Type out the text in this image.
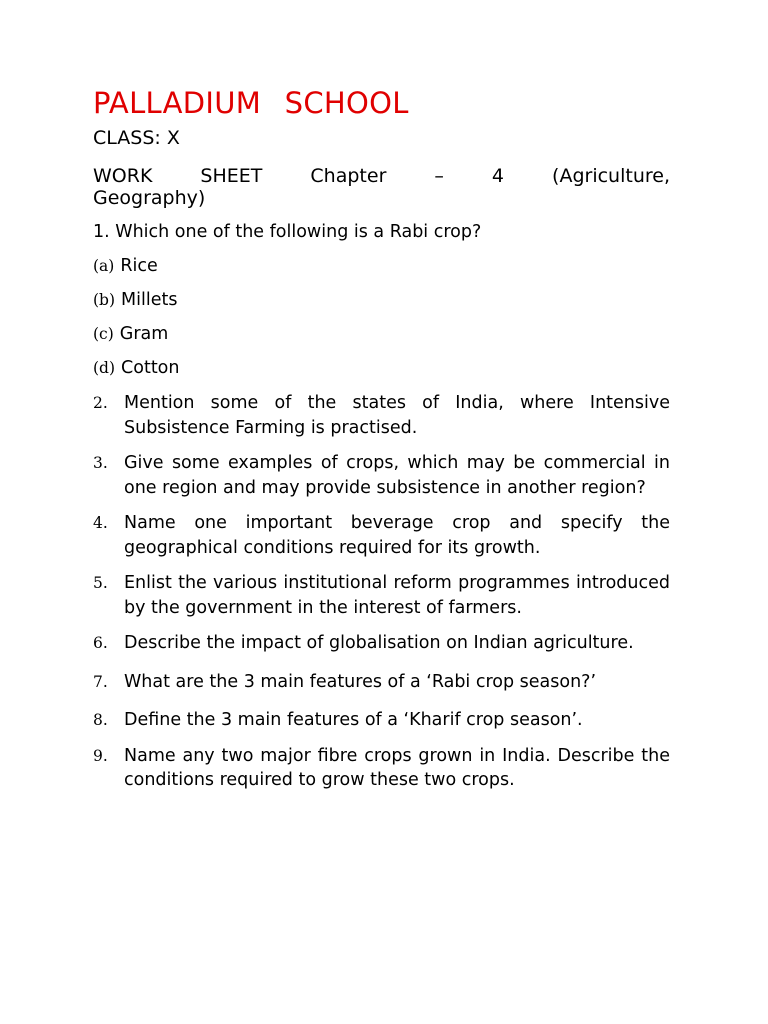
PALLADIUM SCHOOL
CLASS: X
WORK SHEET Chapter – 4 (Agriculture,
Geography)
1. Which one of the following is a Rabi crop?
(a) Rice
(b) Millets
(c) Gram
(d) Cotton
2. Mention some of the states of India, where Intensive Subsistence Farming is practised.
3. Give some examples of crops, which may be commercial in one region and may provide subsistence in another region?
4. Name one important beverage crop and specify the geographical conditions required for its growth.
5. Enlist the various institutional reform programmes introduced by the government in the interest of farmers.
6. Describe the impact of globalisation on Indian agriculture.
7. What are the 3 main features of a ‘Rabi crop season?’
8. Define the 3 main features of a ‘Kharif crop season’.
9. Name any two major fibre crops grown in India. Describe the conditions required to grow these two crops.
